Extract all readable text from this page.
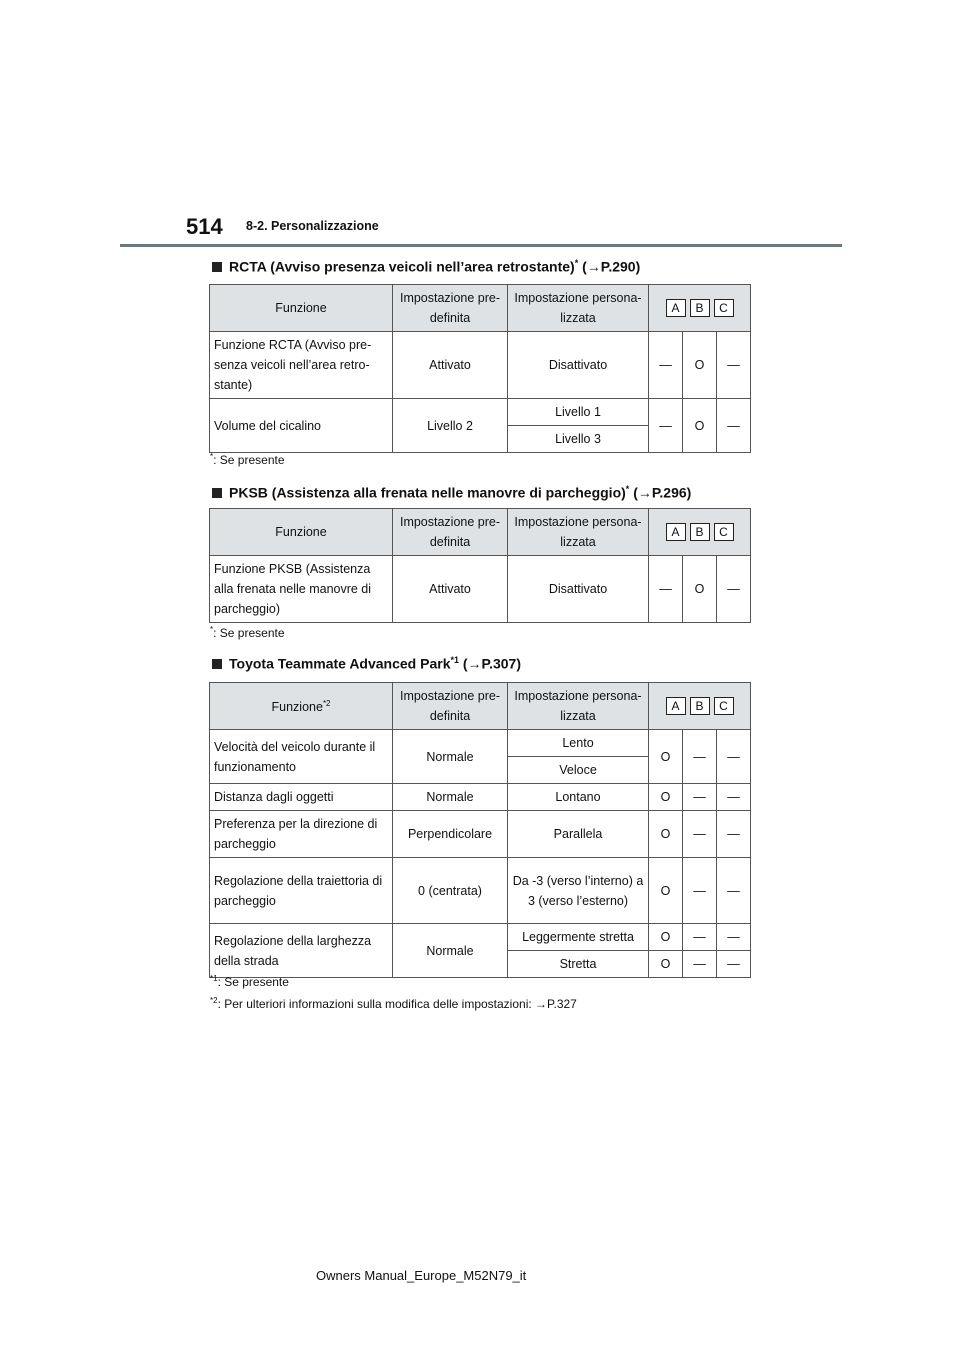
514 8-2. Personalizzazione
RCTA (Avviso presenza veicoli nell’area retrostante)* (→P.290)
Funzione	Impostazione pre-definita	Impostazione persona-lizzata	A B C		

Funzione RCTA (Avviso pre-senza veicoli nell’area retro-stante)	Attivato	Disattivato	—	O	—
Volume del cicalino	Livello 2	Livello 1	—	O	—
		Livello 3			
*: Se presente
PKSB (Assistenza alla frenata nelle manovre di parcheggio)* (→P.296)
Funzione	Impostazione pre-definita	Impostazione persona-lizzata	A B C		

Funzione PKSB (Assistenza alla frenata nelle manovre di parcheggio)	Attivato	Disattivato	—	O	—
*: Se presente
Toyota Teammate Advanced Park$^{*1}$ (→P.307)
Funzione$^{*2}$	Impostazione pre-definita	Impostazione persona-lizzata	A B C		

Velocità del veicolo durante il funzionamento	Normale	Lento	O	—	—
		Veloce			
Distanza dagli oggetti	Normale	Lontano	O	—	—
Preferenza per la direzione di parcheggio	Perpendicolare	Parallela	O	—	—
Regolazione della traiettoria di parcheggio	0 (centrata)	Da -3 (verso l’interno) a 3 (verso l’esterno)	O	—	—
Regolazione della larghezza della strada	Normale	Leggermente stretta	O	—	—
		Stretta	O	—	—
$^{*1}$: Se presente
$^{*2}$: Per ulteriori informazioni sulla modifica delle impostazioni: →P.327
Owners Manual_Europe_M52N79_it
